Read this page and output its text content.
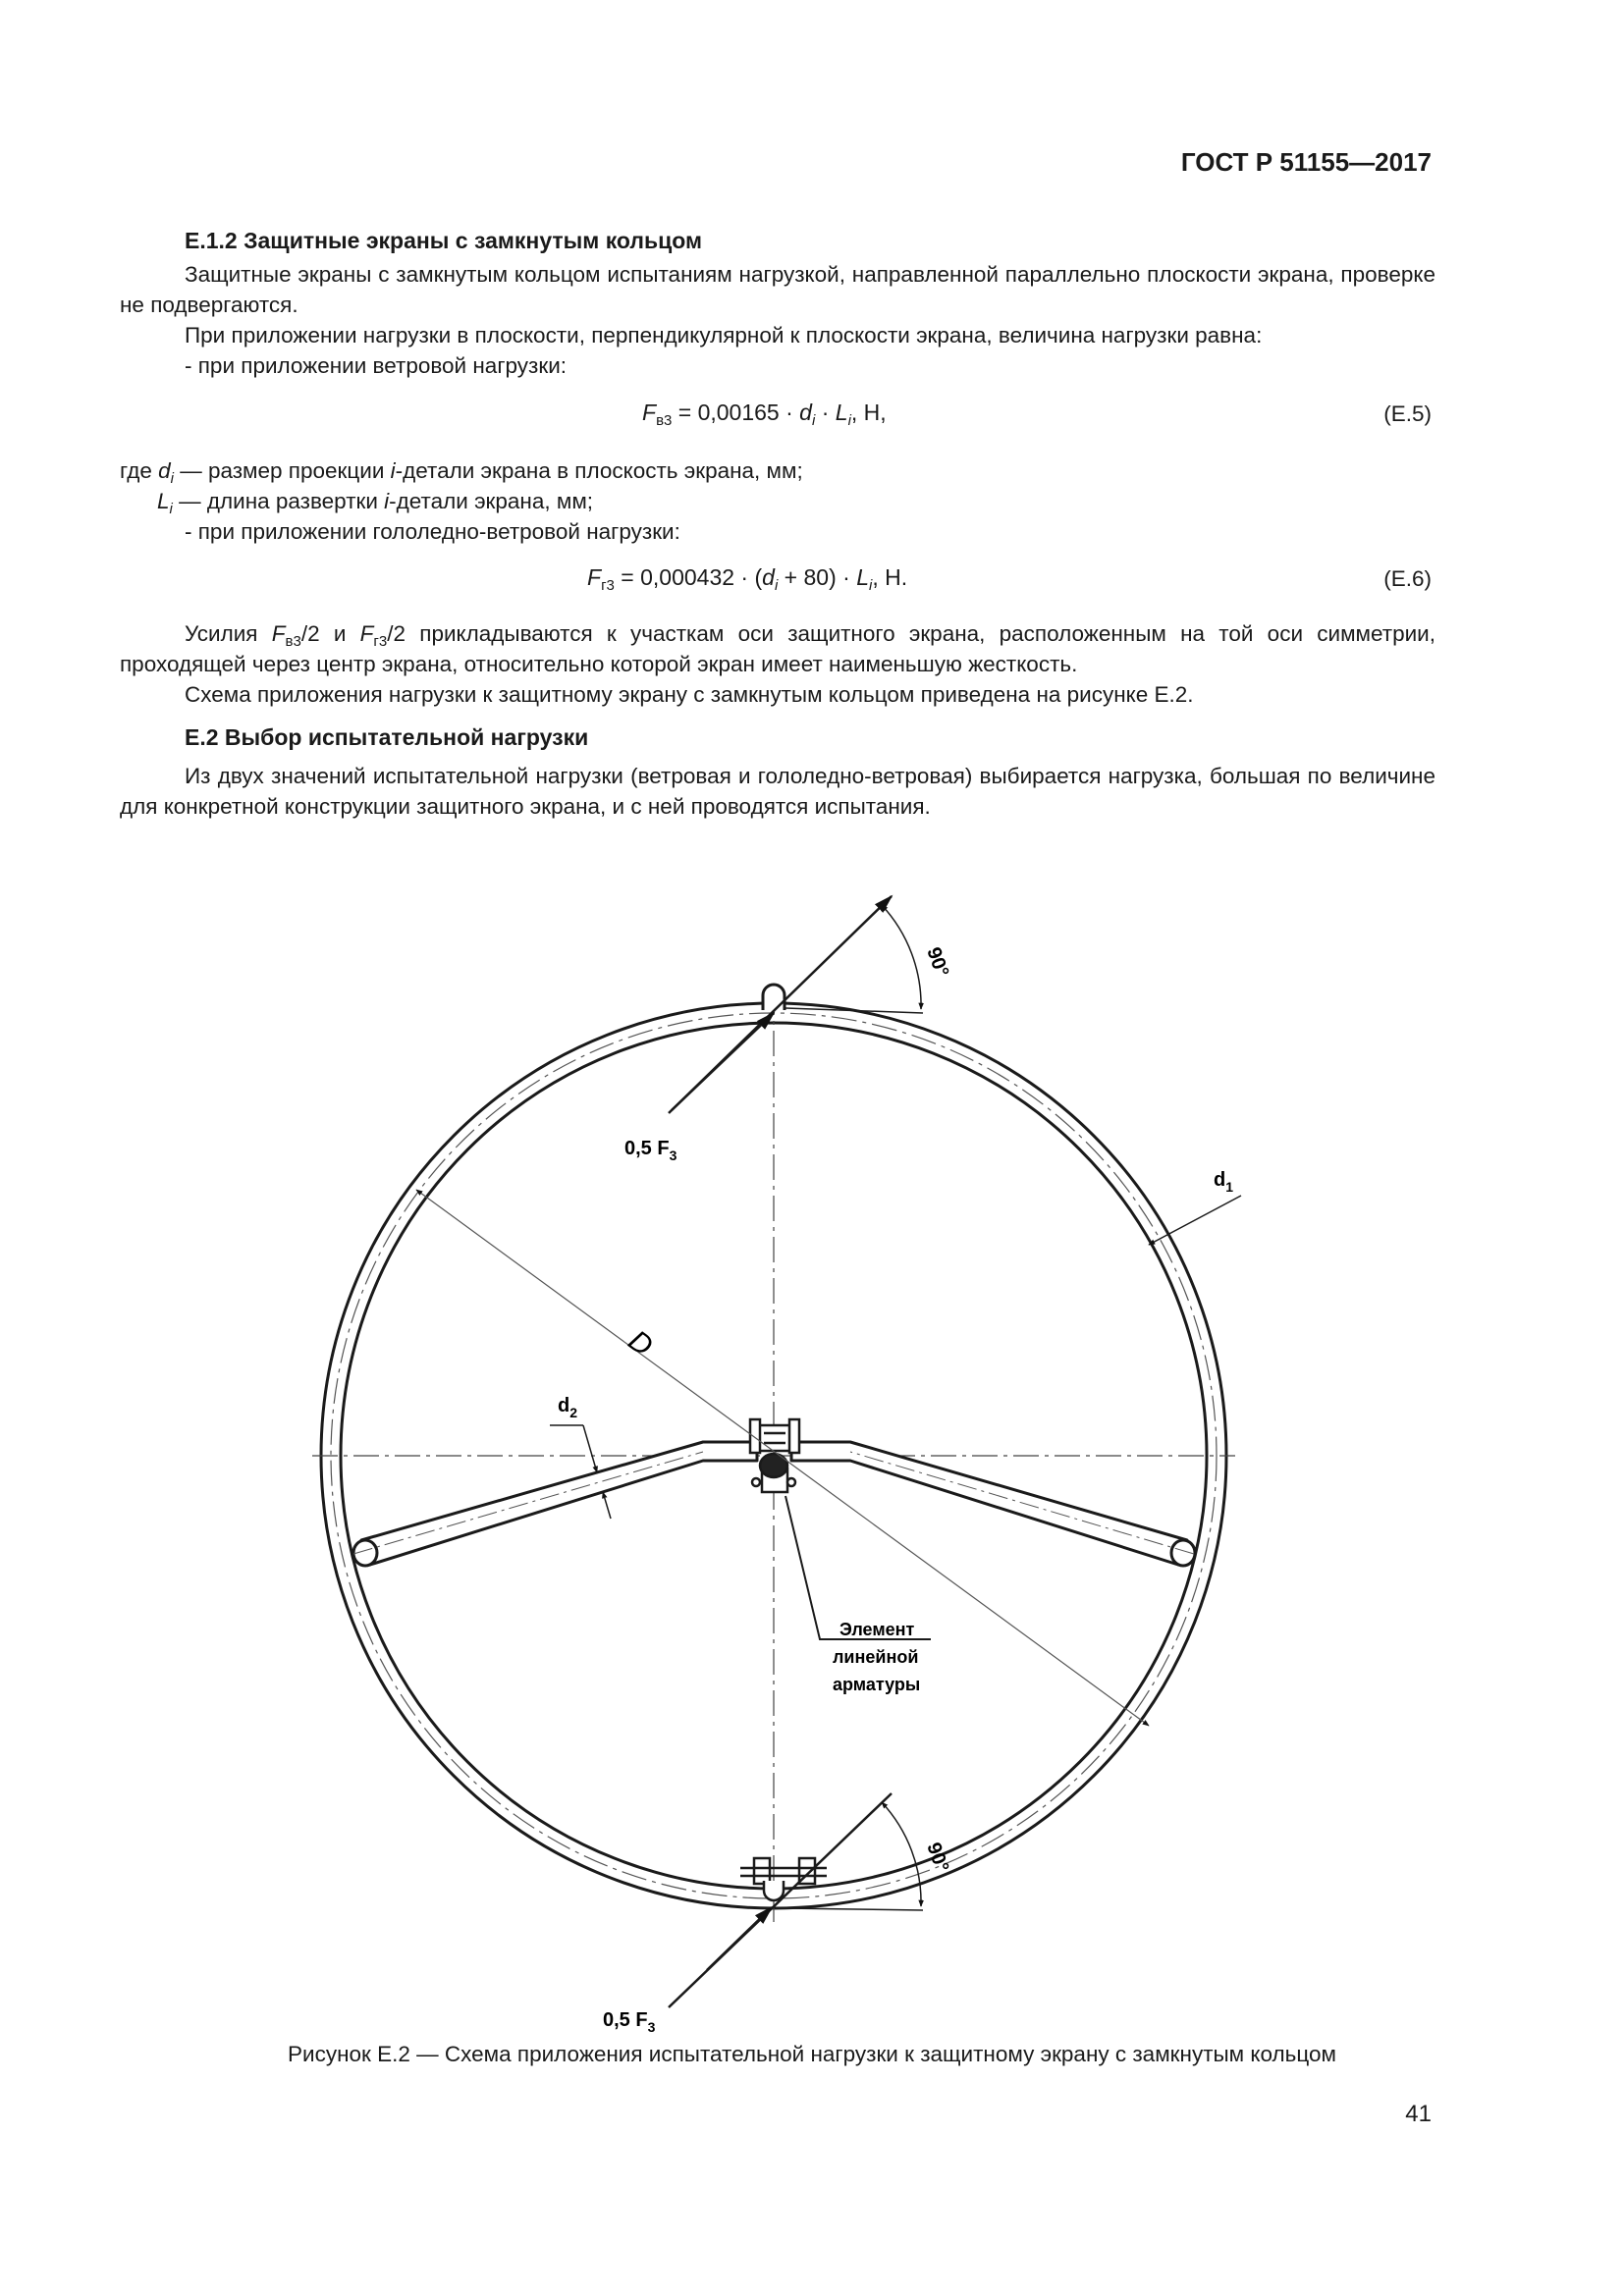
ГОСТ Р 51155—2017
Е.1.2 Защитные экраны с замкнутым кольцом
Защитные экраны с замкнутым кольцом испытаниям нагрузкой, направленной параллельно плоскости экрана, проверке не подвергаются.
При приложении нагрузки в плоскости, перпендикулярной к плоскости экрана, величина нагрузки равна:
- при приложении ветровой нагрузки:
$F_{в3} = 0,00165 \cdot d_i \cdot L_i$, Н,	(Е.5)
где $d_i$ — размер проекции i-детали экрана в плоскость экрана, мм;
$L_i$ — длина развертки i-детали экрана, мм;
- при приложении гололедно-ветровой нагрузки:
$F_{г3} = 0,000432 \cdot (d_i + 80) \cdot L_i$, Н.	(Е.6)
Усилия $F_{в3}/2$ и $F_{г3}/2$ прикладываются к участкам оси защитного экрана, расположенным на той оси симметрии, проходящей через центр экрана, относительно которой экран имеет наименьшую жесткость.
Схема приложения нагрузки к защитному экрану с замкнутым кольцом приведена на рисунке Е.2.
Е.2 Выбор испытательной нагрузки
Из двух значений испытательной нагрузки (ветровая и гололедно-ветровая) выбирается нагрузка, большая по величине для конкретной конструкции защитного экрана, и с ней проводятся испытания.
90°
0,5 $F_3$
90°
0,5 $F_3$
D
$d_1$
$d_2$
Элемент
линейной
арматуры
Рисунок Е.2 — Схема приложения испытательной нагрузки к защитному экрану с замкнутым кольцом
41
